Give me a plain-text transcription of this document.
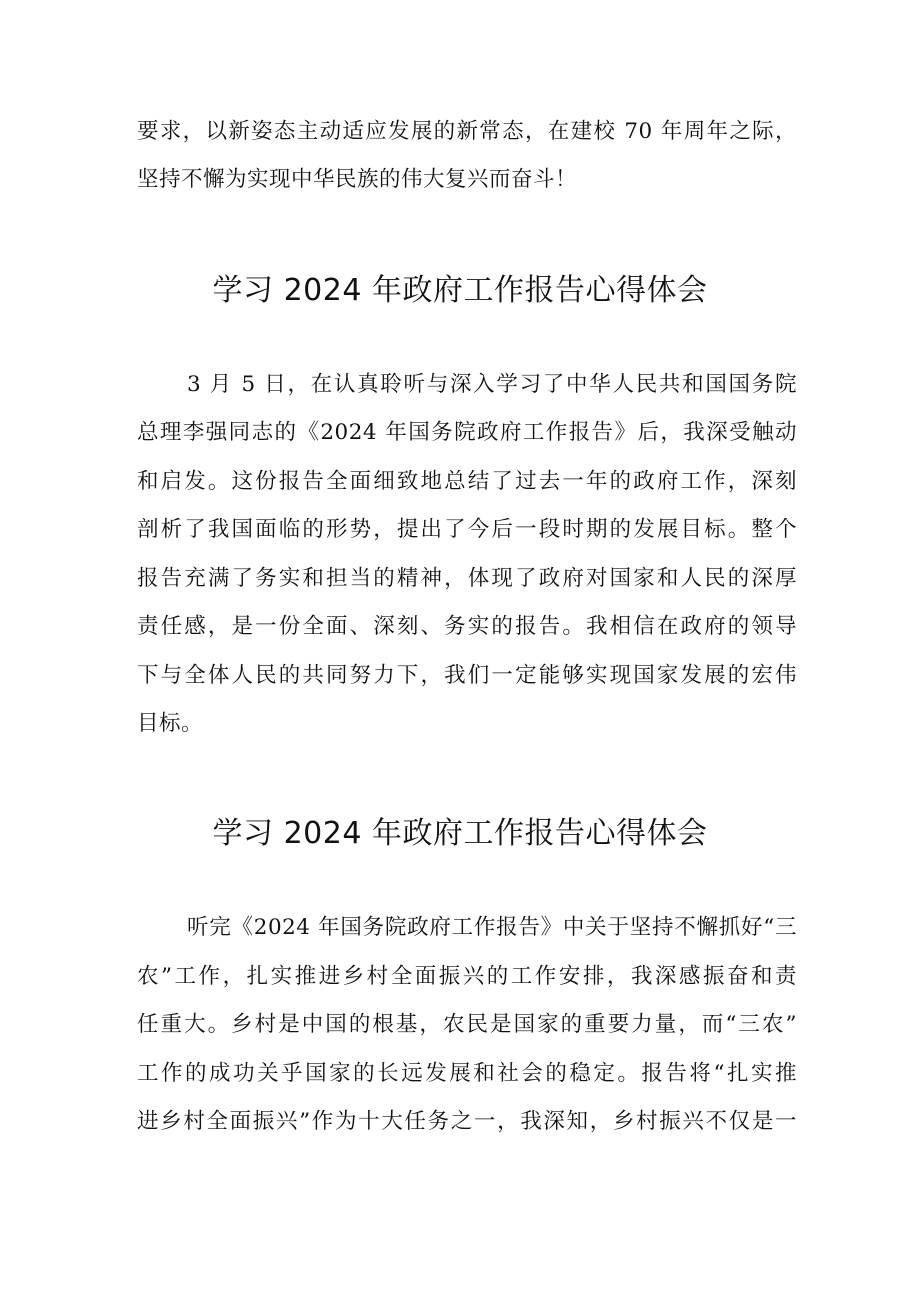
要求，以新姿态主动适应发展的新常态，在建校 70 年周年之际，
坚持不懈为实现中华民族的伟大复兴而奋斗！
学习 2024 年政府工作报告心得体会
3 月 5 日，在认真聆听与深入学习了中华人民共和国国务院
总理李强同志的《2024 年国务院政府工作报告》后，我深受触动
和启发。这份报告全面细致地总结了过去一年的政府工作，深刻
剖析了我国面临的形势，提出了今后一段时期的发展目标。整个
报告充满了务实和担当的精神，体现了政府对国家和人民的深厚
责任感，是一份全面、深刻、务实的报告。我相信在政府的领导
下与全体人民的共同努力下，我们一定能够实现国家发展的宏伟
目标。
学习 2024 年政府工作报告心得体会
听完《2024 年国务院政府工作报告》中关于坚持不懈抓好“三
农”工作，扎实推进乡村全面振兴的工作安排，我深感振奋和责
任重大。乡村是中国的根基，农民是国家的重要力量，而“三农”
工作的成功关乎国家的长远发展和社会的稳定。报告将“扎实推
进乡村全面振兴”作为十大任务之一，我深知，乡村振兴不仅是一
